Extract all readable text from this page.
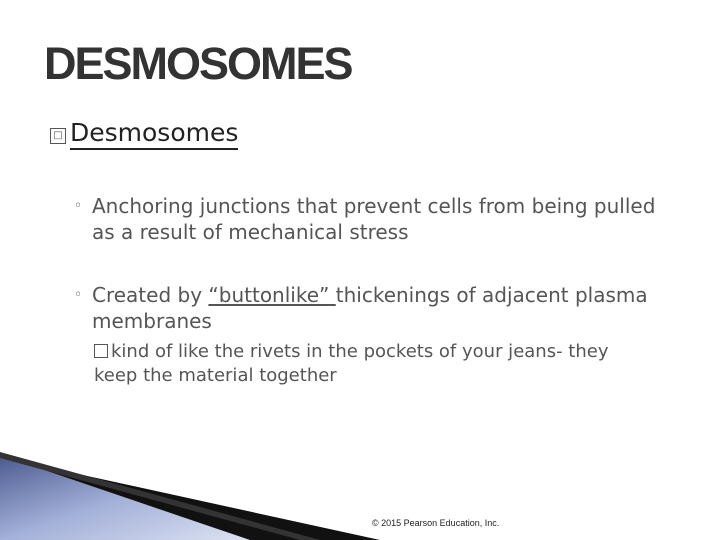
DESMOSOMES
□ Desmosomes
◦ Anchoring junctions that prevent cells from being pulled as a result of mechanical stress
◦ Created by “buttonlike” thickenings of adjacent plasma membranes
kind of like the rivets in the pockets of your jeans- they keep the material together
© 2015 Pearson Education, Inc.
